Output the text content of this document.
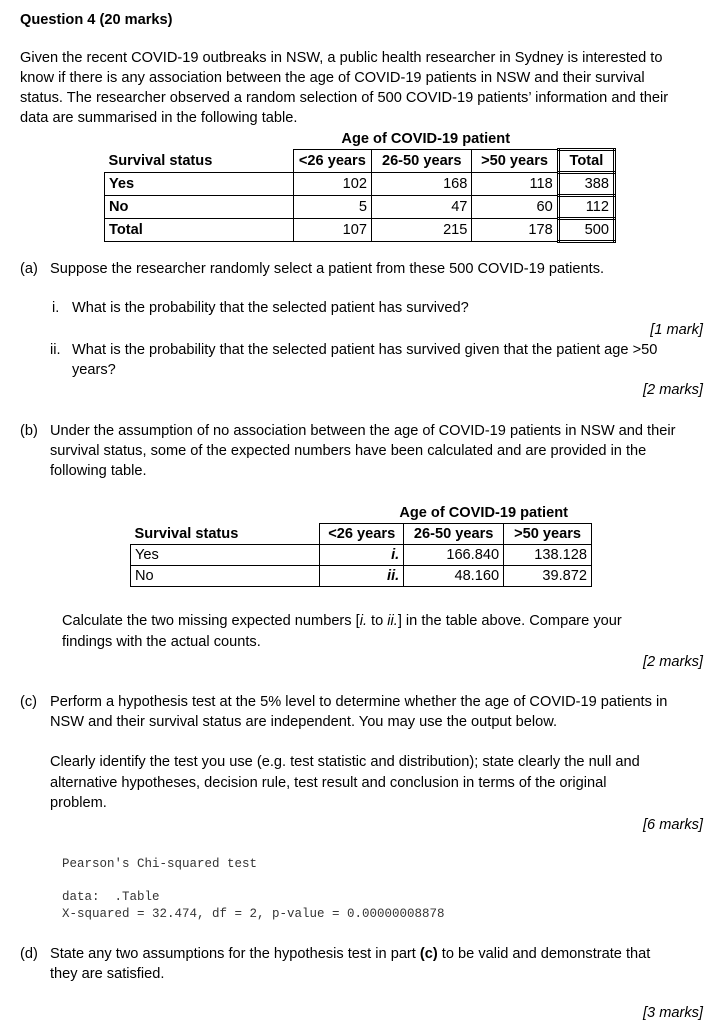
Question 4 (20 marks)
Given the recent COVID-19 outbreaks in NSW, a public health researcher in Sydney is interested to
know if there is any association between the age of COVID-19 patients in NSW and their survival
status. The researcher observed a random selection of 500 COVID-19 patients’ information and their
data are summarised in the following table.
	Age of COVID-19 patient			
Survival status	<26 years	26-50 years	>50 years	Total
Yes	102	168	118	388
No	5	47	60	112
Total	107	215	178	500
(a) Suppose the researcher randomly select a patient from these 500 COVID-19 patients.
i. What is the probability that the selected patient has survived?
[1 mark]
ii. What is the probability that the selected patient has survived given that the patient age >50
years?
[2 marks]
(b) Under the assumption of no association between the age of COVID-19 patients in NSW and their
survival status, some of the expected numbers have been calculated and are provided in the
following table.
	Age of COVID-19 patient		
Survival status	<26 years	26-50 years	>50 years
Yes	i.	166.840	138.128
No	ii.	48.160	39.872
Calculate the two missing expected numbers [i. to ii.] in the table above. Compare your
findings with the actual counts.
[2 marks]
(c) Perform a hypothesis test at the 5% level to determine whether the age of COVID-19 patients in
NSW and their survival status are independent. You may use the output below.
Clearly identify the test you use (e.g. test statistic and distribution); state clearly the null and
alternative hypotheses, decision rule, test result and conclusion in terms of the original
problem.
[6 marks]
Pearson's Chi-squared test
data:  .Table
X-squared = 32.474, df = 2, p-value = 0.00000008878
(d) State any two assumptions for the hypothesis test in part (c) to be valid and demonstrate that
they are satisfied.
[3 marks]
